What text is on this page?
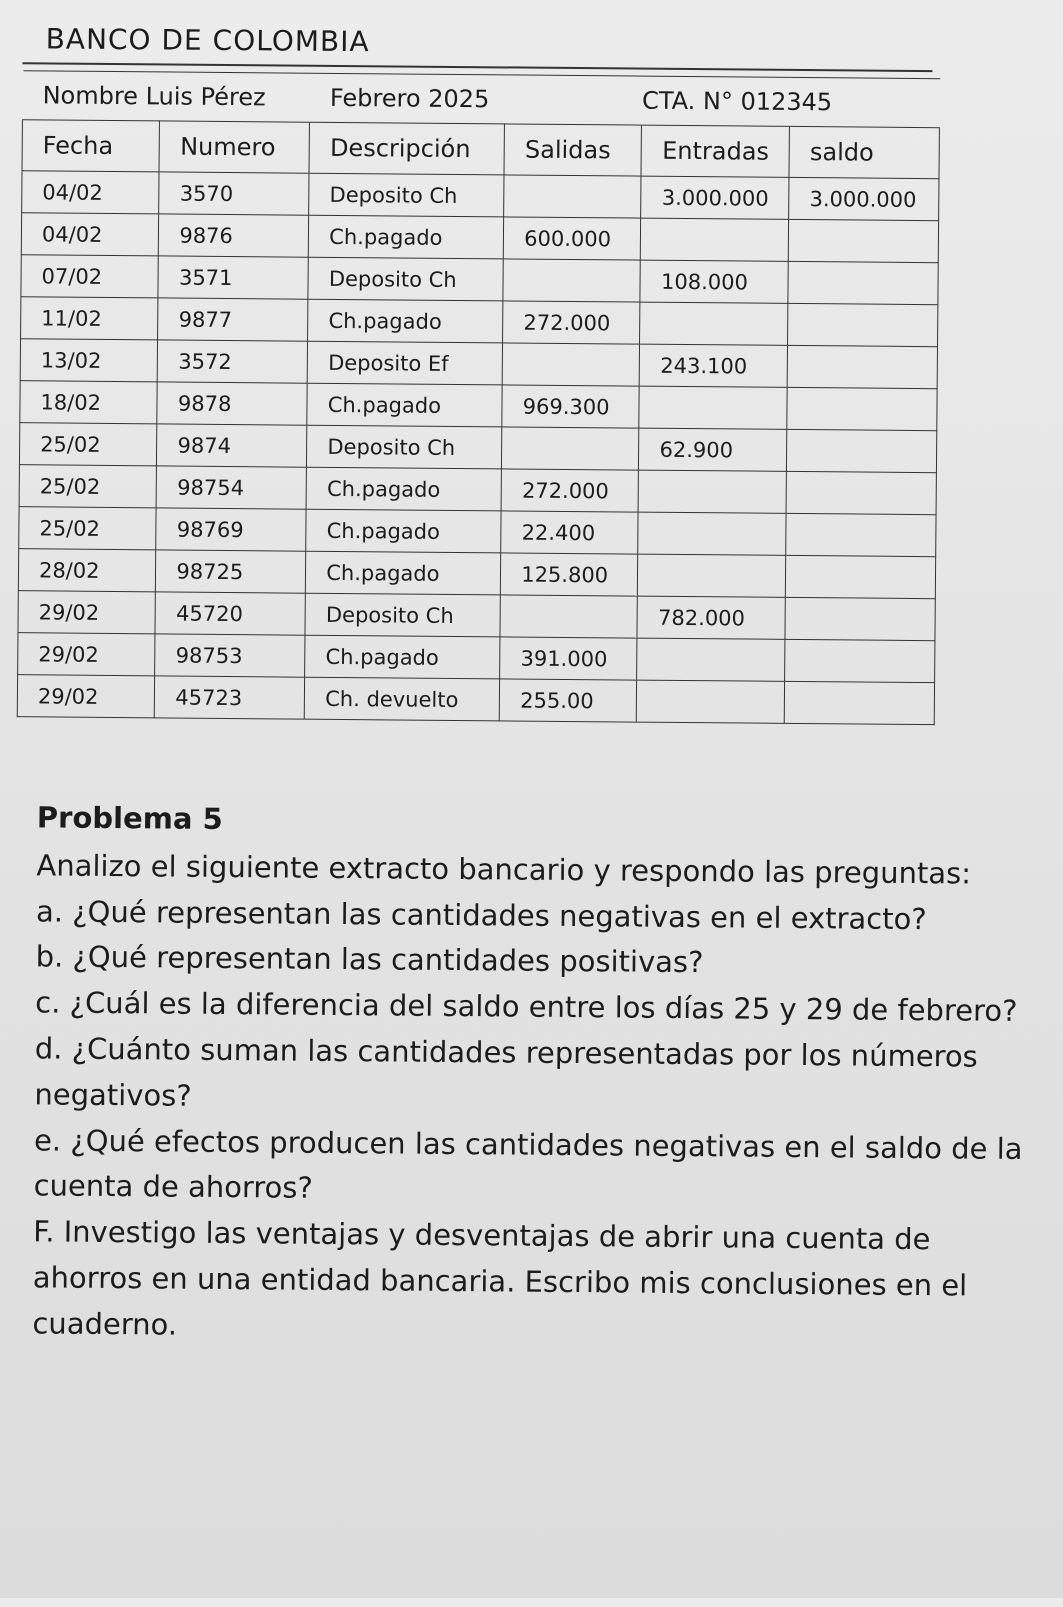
BANCO DE COLOMBIA
Nombre Luis Pérez		Febrero 2025		CTA. N° 012345	
Fecha	Numero	Descripción	Salidas	Entradas	saldo
04/02	3570	Deposito Ch		3.000.000	3.000.000
04/02	9876	Ch.pagado	600.000		
07/02	3571	Deposito Ch		108.000	
11/02	9877	Ch.pagado	272.000		
13/02	3572	Deposito Ef		243.100	
18/02	9878	Ch.pagado	969.300		
25/02	9874	Deposito Ch		62.900	
25/02	98754	Ch.pagado	272.000		
25/02	98769	Ch.pagado	22.400		
28/02	98725	Ch.pagado	125.800		
29/02	45720	Deposito Ch		782.000	
29/02	98753	Ch.pagado	391.000		
29/02	45723	Ch. devuelto	255.00		
Problema 5

Analizo el siguiente extracto bancario y respondo las preguntas:

a. ¿Qué representan las cantidades negativas en el extracto?

b. ¿Qué representan las cantidades positivas?

c. ¿Cuál es la diferencia del saldo entre los días 25 y 29 de febrero?

d. ¿Cuánto suman las cantidades representadas por los números negativos?

e. ¿Qué efectos producen las cantidades negativas en el saldo de la cuenta de ahorros?

F. Investigo las ventajas y desventajas de abrir una cuenta de ahorros en una entidad bancaria. Escribo mis conclusiones en el cuaderno.
